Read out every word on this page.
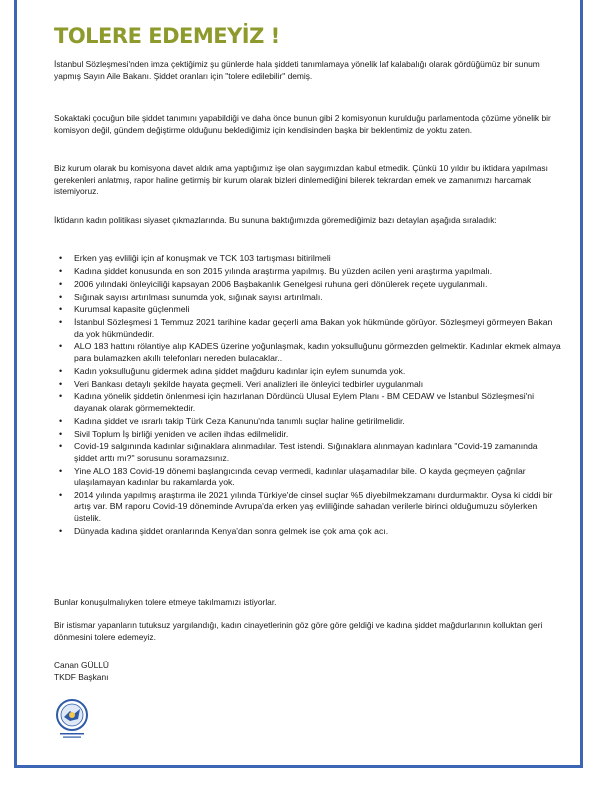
TOLERE EDEMEYİZ !

İstanbul Sözleşmesi'nden imza çektiğimiz şu günlerde hala şiddeti tanımlamaya yönelik laf kalabalığı olarak gördüğümüz bir sunum yapmış Sayın Aile Bakanı. Şiddet oranları için "tolere edilebilir" demiş.

Sokaktaki çocuğun bile şiddet tanımını yapabildiği ve daha önce bunun gibi 2 komisyonun kurulduğu parlamentoda çözüme yönelik bir komisyon değil, gündem değiştirme olduğunu beklediğimiz için kendisinden başka bir beklentimiz de yoktu zaten.

Biz kurum olarak bu komisyona davet aldık ama yaptığımız işe olan saygımızdan kabul etmedik. Çünkü 10 yıldır bu iktidara yapılması gerekenleri anlatmış, rapor haline getirmiş bir kurum olarak bizleri dinlemediğini bilerek tekrardan emek ve zamanımızı harcamak istemiyoruz.

İktidarın kadın politikası siyaset çıkmazlarında. Bu sununa baktığımızda göremediğimiz bazı detaylan aşağıda sıraladık:

• Erken yaş evliliği için af konuşmak ve TCK 103 tartışması bitirilmeli
• Kadına şiddet konusunda en son 2015 yılında araştırma yapılmış. Bu yüzden acilen yeni araştırma yapılmalı.
• 2006 yılındaki önleyiciliği kapsayan 2006 Başbakanlık Genelgesi ruhuna geri dönülerek reçete uygulanmalı.
• Sığınak sayısı artırılması sunumda yok, sığınak sayısı artırılmalı.
• Kurumsal kapasite güçlenmeli
• İstanbul Sözleşmesi 1 Temmuz 2021 tarihine kadar geçerli ama Bakan yok hükmünde görüyor. Sözleşmeyi görmeyen Bakan da yok hükmündedir.
• ALO 183 hattını rölantiye alıp KADES üzerine yoğunlaşmak, kadın yoksulluğunu görmezden gelmektir. Kadınlar ekmek almaya para bulamazken akıllı telefonları nereden bulacaklar..
• Kadın yoksulluğunu gidermek adına şiddet mağduru kadınlar için eylem sunumda yok.
• Veri Bankası detaylı şekilde hayata geçmeli. Veri analizleri ile önleyici tedbirler uygulanmalı
• Kadına yönelik şiddetin önlenmesi için hazırlanan Dördüncü Ulusal Eylem Planı - BM CEDAW ve İstanbul Sözleşmesi'ni dayanak olarak görmemektedir.
• Kadına şiddet ve ısrarlı takip Türk Ceza Kanunu'nda tanımlı suçlar haline getirilmelidir.
• Sivil Toplum İş birliği yeniden ve acilen ihdas edilmelidir.
• Covid-19 salgınında kadınlar sığınaklara alınmadılar. Test istendi. Sığınaklara alınmayan kadınlara "Covid-19 zamanında şiddet arttı mı?" sorusunu soramazsınız.
• Yine ALO 183 Covid-19 dönemi başlangıcında cevap vermedi, kadınlar ulaşamadılar bile. O kayda geçmeyen çağrılar ulaşılamayan kadınlar bu rakamlarda yok.
• 2014 yılında yapılmış araştırma ile 2021 yılında Türkiye'de cinsel suçlar %5 diyebilmekzamanı durdurmaktır. Oysa ki ciddi bir artış var. BM raporu Covid-19 döneminde Avrupa'da erken yaş evliliğinde sahadan verilerle birinci olduğumuzu söylerken üstelik.
• Dünyada kadına şiddet oranlarında Kenya'dan sonra gelmek ise çok ama çok acı.

Bunlar konuşulmalıyken tolere etmeye takılmamızı istiyorlar.

Bir istismar yapanların tutuksuz yargılandığı, kadın cinayetlerinin göz göre göre geldiği ve kadına şiddet mağdurlarının kolluktan geri dönmesini tolere edemeyiz.

Canan GÜLLÜ
TKDF Başkanı
